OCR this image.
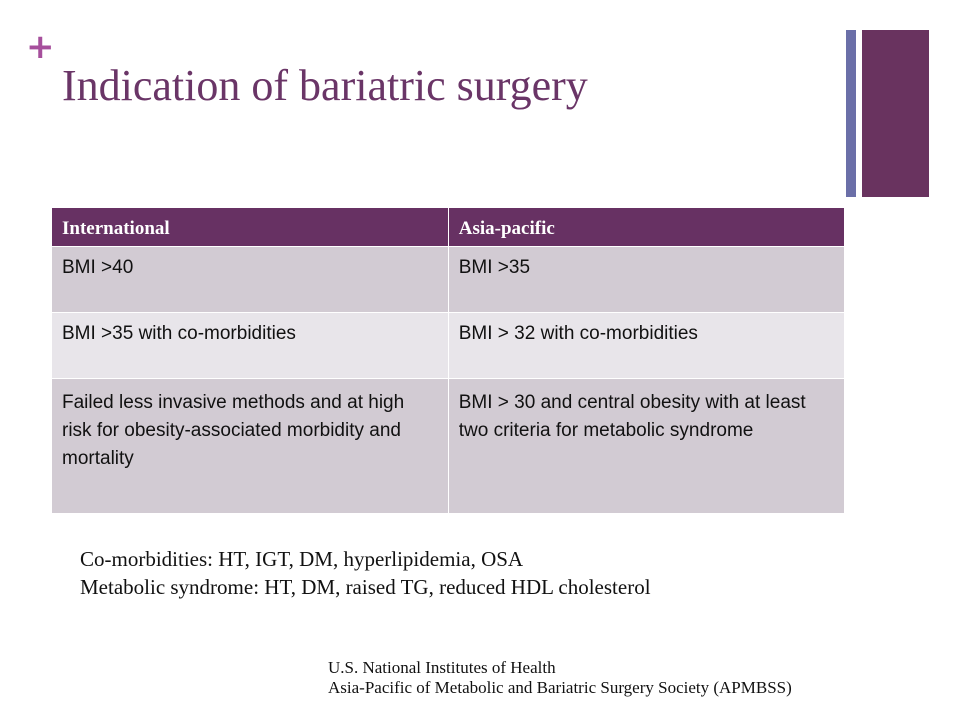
+
Indication of bariatric surgery
International	Asia-pacific
BMI >40	BMI >35
BMI >35 with co-morbidities	BMI > 32 with co-morbidities
Failed less invasive methods and at high risk for obesity-associated morbidity and mortality	BMI > 30 and central obesity with at least two criteria for metabolic syndrome
Co-morbidities: HT, IGT, DM, hyperlipidemia, OSA
Metabolic syndrome: HT, DM, raised TG, reduced HDL cholesterol
U.S. National Institutes of Health
Asia-Pacific of Metabolic and Bariatric Surgery Society (APMBSS)
